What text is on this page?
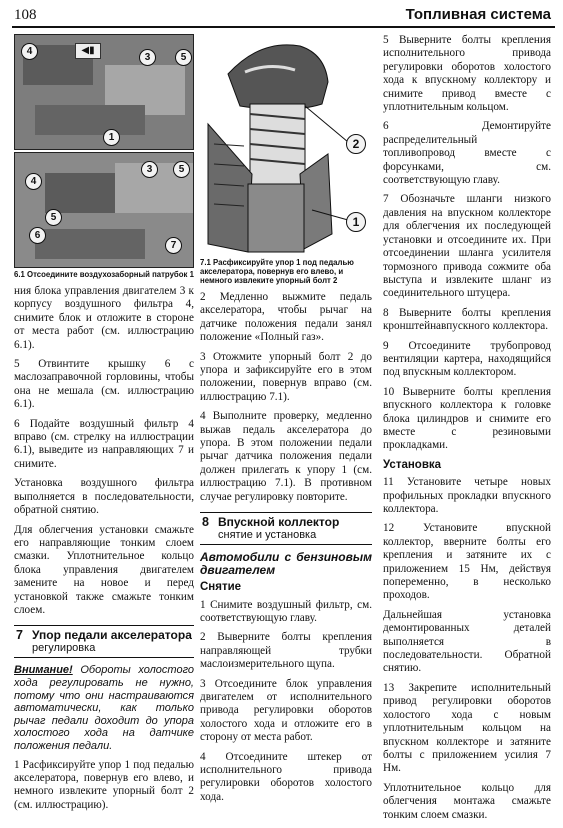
108	Топливная система
◀▮
4
3	5
1
3	5
4
5
6
7
6.1 Отсоедините воздухозаборный патрубок 1

ния блока управления двигателем 3 к корпусу воздушного фильтра 4, снимите блок и отложите в стороне от места работ (см. иллюстрацию 6.1).

5 Отвинтите крышку 6 с маслозаправочной горловины, чтобы она не мешала (см. иллюстрацию 6.1).

6 Подайте воздушный фильтр 4 вправо (см. стрелку на иллюстрации 6.1), выведите из направляющих 7 и снимите.

Установка воздушного фильтра выполняется в последовательности, обратной снятию.

Для облегчения установки смажьте его направляющие тонким слоем смазки. Уплотнительное кольцо блока управления двигателем замените на новое и перед установкой также смажьте тонким слоем.

7 Упор педали акселератора
регулировка

Внимание! Обороты холостого хода регулировать не нужно, потому что они настраиваются автоматически, как только рычаг педали доходит до упора холостого хода на датчике положения педали.

1 Расфиксируйте упор 1 под педалью акселератора, повернув его влево, и немного извлеките упорный болт 2 (см. иллюстрацию).

2
1
7.1 Расфиксируйте упор 1 под педалью акселератора, повернув его влево, и немного извлеките упорный болт 2

2 Медленно выжмите педаль акселератора, чтобы рычаг на датчике положения педали занял положение «Полный газ».

3 Отожмите упорный болт 2 до упора и зафиксируйте его в этом положении, повернув вправо (см. иллюстрацию 7.1).

4 Выполните проверку, медленно выжав педаль акселератора до упора. В этом положении педали рычаг датчика положения педали должен прилегать к упору 1 (см. иллюстрацию 7.1). В противном случае регулировку повторите.

8 Впускной коллектор
снятие и установка
Автомобили с бензиновым двигателем
Снятие

1 Снимите воздушный фильтр, см. соответствующую главу.

2 Выверните болты крепления направляющей трубки маслоизмерительного щупа.

3 Отсоедините блок управления двигателем от исполнительного привода регулировки оборотов холостого хода и отложите его в сторону от места работ.

4 Отсоедините штекер от исполнительного привода регулировки оборотов холостого хода.

5 Выверните болты крепления исполнительного привода регулировки оборотов холостого хода к впускному коллектору и снимите привод вместе с уплотнительным кольцом.

6 Демонтируйте распределительный топливопровод вместе с форсунками, см. соответствующую главу.

7 Обозначьте шланги низкого давления на впускном коллекторе для облегчения их последующей установки и отсоедините их. При отсоединении шланга усилителя тормозного привода сожмите оба выступа и извлеките шланг из соединительного штуцера.

8 Выверните болты крепления кронштейнавпускного коллектора.

9 Отсоедините трубопровод вентиляции картера, находящийся под впускным коллектором.

10 Выверните болты крепления впускного коллектора к головке блока цилиндров и снимите его вместе с резиновыми прокладками.

Установка

11 Установите четыре новых профильных прокладки впускного коллектора.

12 Установите впускной коллектор, вверните болты его крепления и затяните их с приложением 15 Нм, действуя попеременно, в несколько проходов.

Дальнейшая установка демонтированных деталей выполняется в последовательности. Обратной снятию.

13 Закрепите исполнительный привод регулировки оборотов холостого хода с новым уплотнительным кольцом на впускном коллекторе и затяните болты с приложением усилия 7 Нм.

Уплотнительное кольцо для облегчения монтажа смажьте тонким слоем смазки.
